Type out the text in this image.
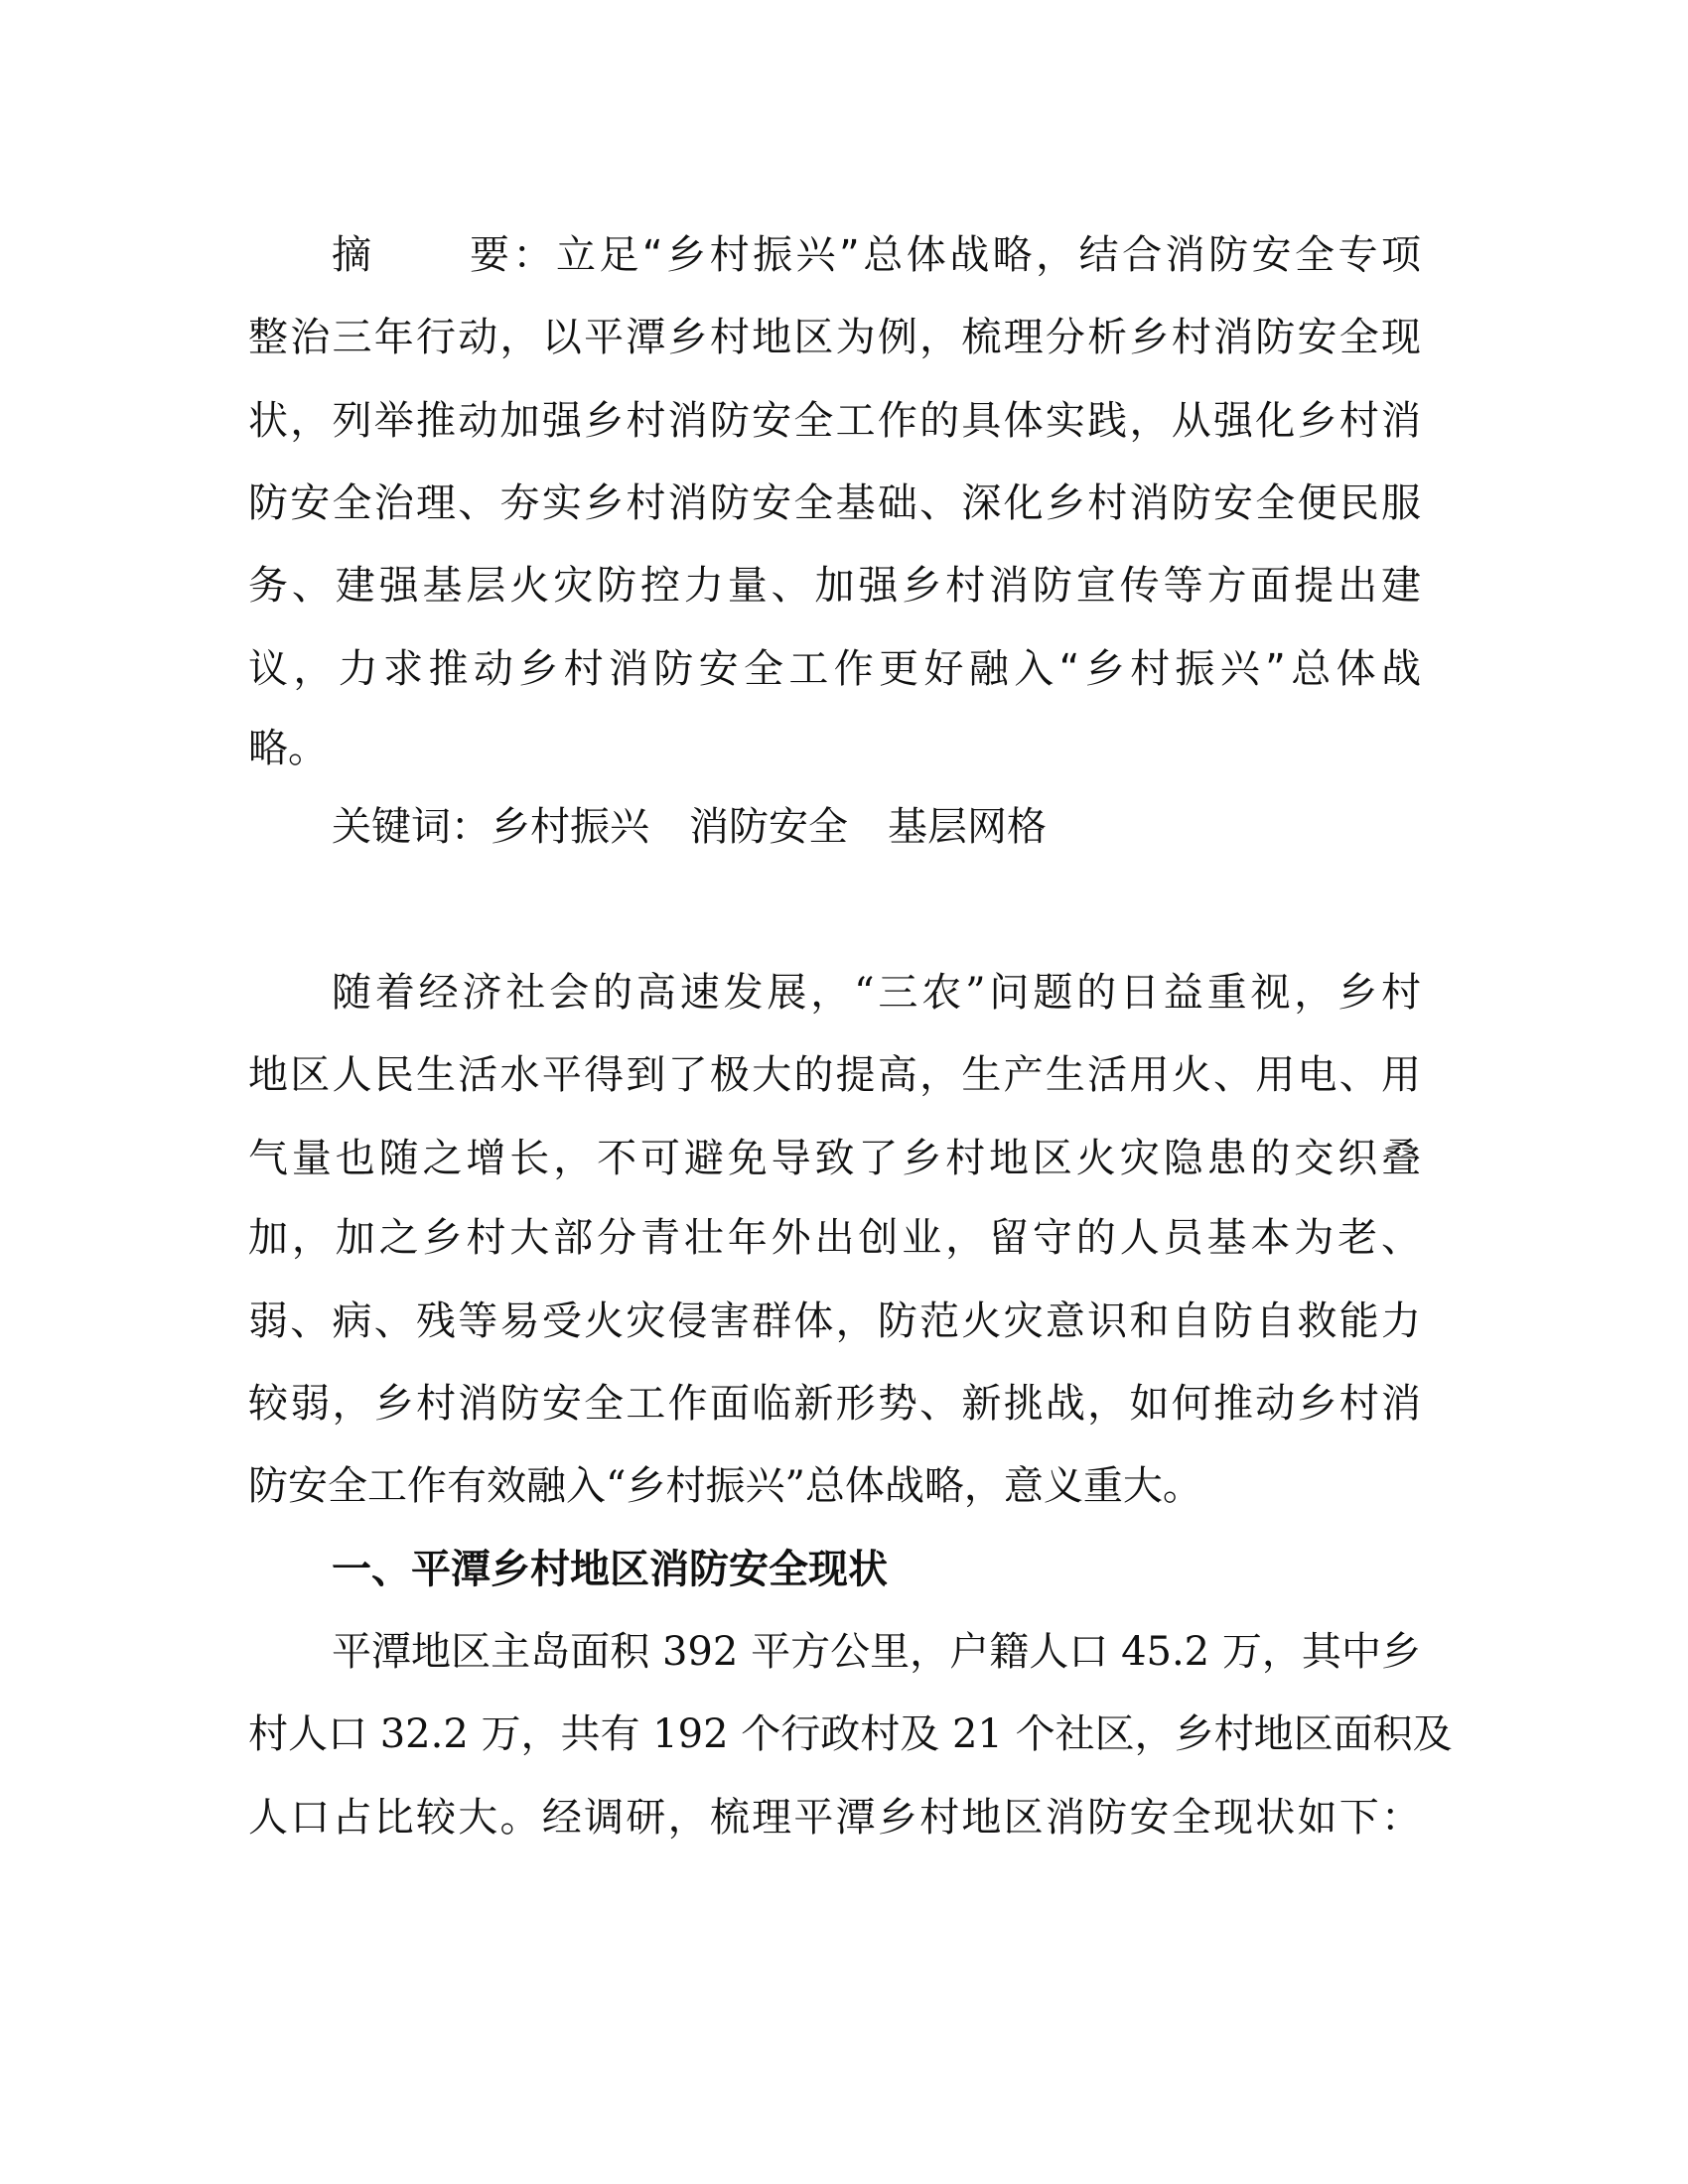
摘 要：立足“乡村振兴”总体战略，结合消防安全专项
整治三年行动，以平潭乡村地区为例，梳理分析乡村消防安全现
状，列举推动加强乡村消防安全工作的具体实践，从强化乡村消
防安全治理、夯实乡村消防安全基础、深化乡村消防安全便民服
务、建强基层火灾防控力量、加强乡村消防宣传等方面提出建
议，力求推动乡村消防安全工作更好融入“乡村振兴”总体战
略。
关键词：乡村振兴 消防安全 基层网格
随着经济社会的高速发展，“三农”问题的日益重视，乡村
地区人民生活水平得到了极大的提高，生产生活用火、用电、用
气量也随之增长，不可避免导致了乡村地区火灾隐患的交织叠
加，加之乡村大部分青壮年外出创业，留守的人员基本为老、
弱、病、残等易受火灾侵害群体，防范火灾意识和自防自救能力
较弱，乡村消防安全工作面临新形势、新挑战，如何推动乡村消
防安全工作有效融入“乡村振兴”总体战略，意义重大。
一、平潭乡村地区消防安全现状
平潭地区主岛面积 392 平方公里，户籍人口 45.2 万，其中乡
村人口 32.2 万，共有 192 个行政村及 21 个社区，乡村地区面积及
人口占比较大。经调研，梳理平潭乡村地区消防安全现状如下：
